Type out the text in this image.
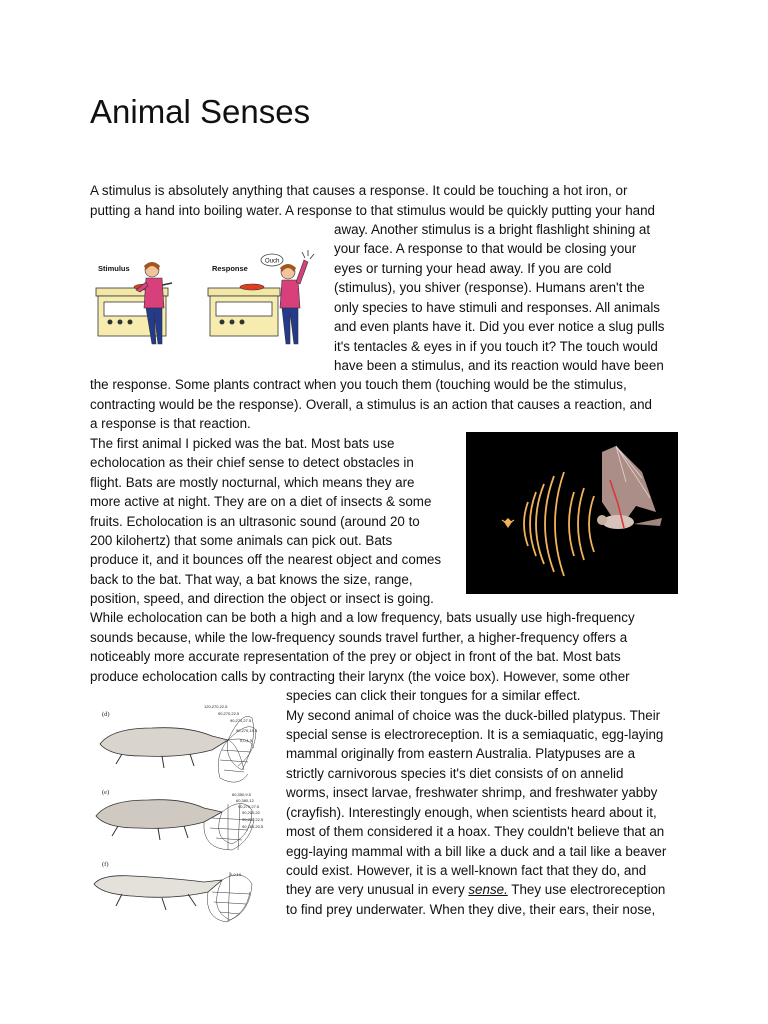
Animal Senses

A stimulus is absolutely anything that causes a response. It could be touching a hot iron, or

putting a hand into boiling water. A response to that stimulus would be quickly putting your hand

away. Another stimulus is a bright flashlight shining at

your face. A response to that would be closing your

eyes or turning your head away. If you are cold

(stimulus), you shiver (response). Humans aren't the

only species to have stimuli and responses. All animals

and even plants have it. Did you ever notice a slug pulls

it's tentacles & eyes in if you touch it? The touch would

have been a stimulus, and its reaction would have been

the response. Some plants contract when you touch them (touching would be the stimulus,

contracting would be the response). Overall, a stimulus is an action that causes a reaction, and

a response is that reaction.

The first animal I picked was the bat. Most bats use

echolocation as their chief sense to detect obstacles in

flight. Bats are mostly nocturnal, which means they are

more active at night. They are on a diet of insects & some

fruits. Echolocation is an ultrasonic sound (around 20 to

200 kilohertz) that some animals can pick out. Bats

produce it, and it bounces off the nearest object and comes

back to the bat. That way, a bat knows the size, range,

position, speed, and direction the object or insect is going.

While echolocation can be both a high and a low frequency, bats usually use high-frequency

sounds because, while the low-frequency sounds travel further, a higher-frequency offers a

noticeably more accurate representation of the prey or object in front of the bat. Most bats

produce echolocation calls by contracting their larynx (the voice box). However, some other

species can click their tongues for a similar effect.

My second animal of choice was the duck-billed platypus. Their

special sense is electroreception. It is a semiaquatic, egg-laying

mammal originally from eastern Australia. Platypuses are a

strictly carnivorous species it's diet consists of on annelid

worms, insect larvae, freshwater shrimp, and freshwater yabby

(crayfish). Interestingly enough, when scientists heard about it,

most of them considered it a hoax. They couldn't believe that an

egg-laying mammal with a bill like a duck and a tail like a beaver

could exist. However, it is a well-known fact that they do, and

they are very unusual in every sense. They use electroreception

to find prey underwater. When they dive, their ears, their nose,

Stimulus
Ouch
Response
(d)
120,270,22.5
90,270,22.5
90,270,27.5
90,270,19.5
0,0,1.9
(e)	60,350,9.5
60,380,12
90,270,27.5
90,200,20
90,230,22.5
90,180,20.5
(f)
0,0,19
